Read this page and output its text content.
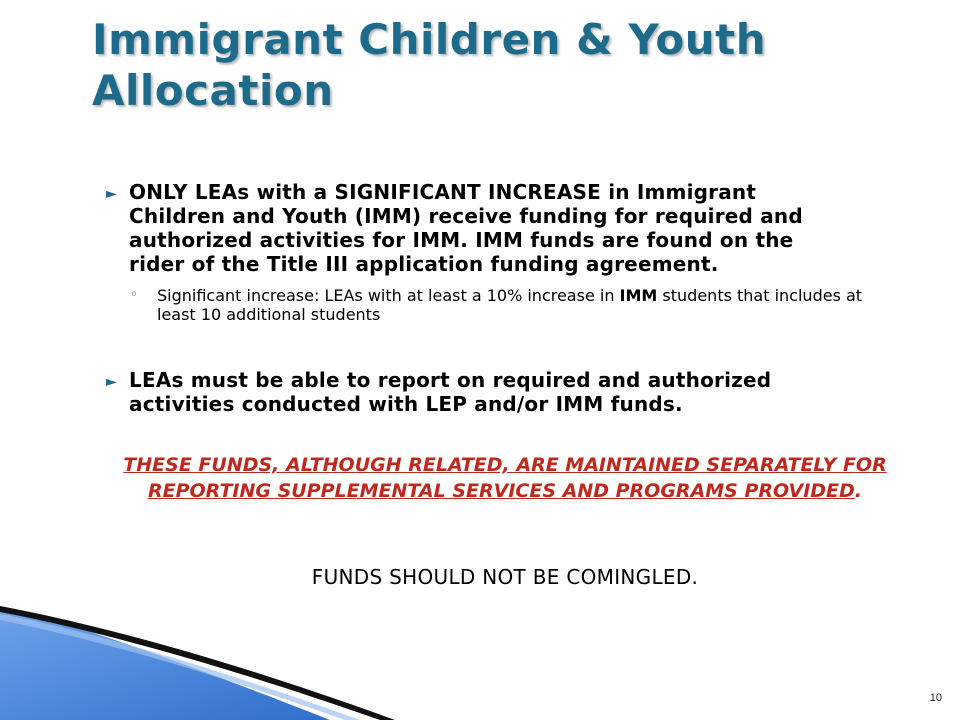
Immigrant Children & Youth Allocation
► ONLY LEAs with a SIGNIFICANT INCREASE in Immigrant Children and Youth (IMM) receive funding for required and authorized activities for IMM. IMM funds are found on the rider of the Title III application funding agreement.
◦ Significant increase: LEAs with at least a 10% increase in IMM students that includes at least 10 additional students
► LEAs must be able to report on required and authorized activities conducted with LEP and/or IMM funds.
THESE FUNDS, ALTHOUGH RELATED, ARE MAINTAINED SEPARATELY FOR REPORTING SUPPLEMENTAL SERVICES AND PROGRAMS PROVIDED.
FUNDS SHOULD NOT BE COMINGLED.
10
